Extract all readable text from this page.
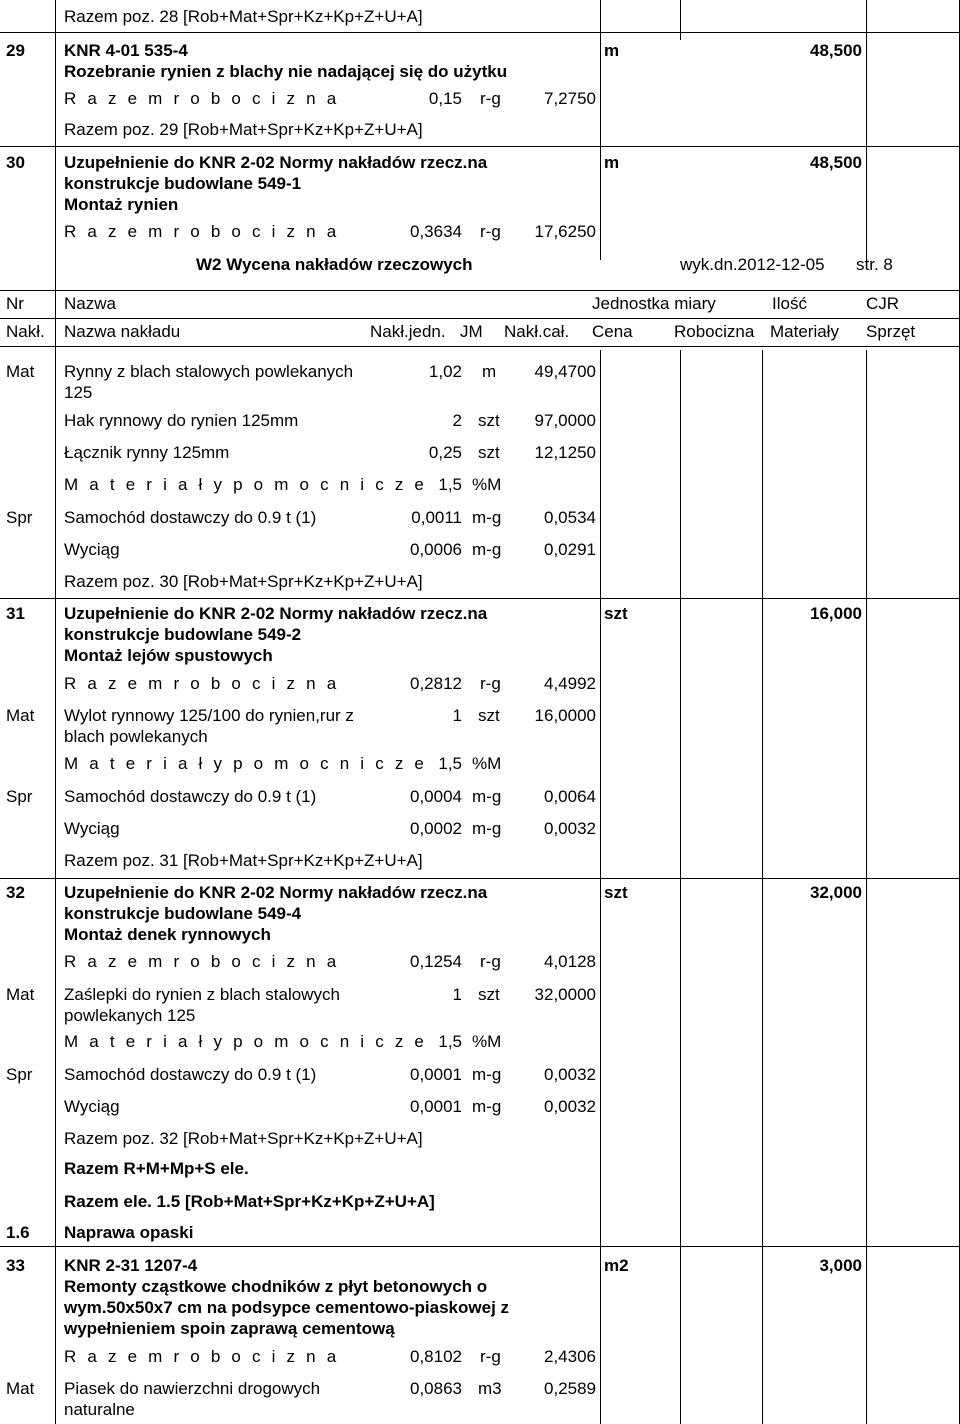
Razem poz. 28 [Rob+Mat+Spr+Kz+Kp+Z+U+A]
29 KNR 4-01 535-4
Rozebranie rynien z blachy nie nadającej się do użytku
m	48,500
R a z e m r o b o c i z n a	0,15 r-g	7,2750
Razem poz. 29 [Rob+Mat+Spr+Kz+Kp+Z+U+A]
30 Uzupełnienie do KNR 2-02 Normy nakładów rzecz.na
konstrukcje budowlane 549-1
Montaż rynien
m	48,500
R a z e m r o b o c i z n a	0,3634 r-g	17,6250
W2 Wycena nakładów rzeczowych	wyk.dn.2012-12-05 str. 8
Nr Nazwa	Jednostka miary	Ilość	CJR
Nakł. Nazwa nakładu	Nakł.jedn. JM Nakł.cał. Cena Robocizna Materiały Sprzęt
Mat Rynny z blach stalowych powlekanych
125
1,02 m	49,4700
Hak rynnowy do rynien 125mm	2 szt	97,0000
Łącznik rynny 125mm	0,25 szt	12,1250
M a t e r i a ł y p o m o c n i c z e 1,5 %M
Spr Samochód dostawczy do 0.9 t (1)	0,0011 m-g	0,0534
Wyciąg	0,0006 m-g	0,0291
Razem poz. 30 [Rob+Mat+Spr+Kz+Kp+Z+U+A]
31 Uzupełnienie do KNR 2-02 Normy nakładów rzecz.na
konstrukcje budowlane 549-2
Montaż lejów spustowych
szt	16,000
R a z e m r o b o c i z n a	0,2812 r-g	4,4992
Mat Wylot rynnowy 125/100 do rynien,rur z
blach powlekanych
1 szt	16,0000
M a t e r i a ł y p o m o c n i c z e 1,5 %M
Spr Samochód dostawczy do 0.9 t (1)	0,0004 m-g	0,0064
Wyciąg	0,0002 m-g	0,0032
Razem poz. 31 [Rob+Mat+Spr+Kz+Kp+Z+U+A]
32 Uzupełnienie do KNR 2-02 Normy nakładów rzecz.na
konstrukcje budowlane 549-4
Montaż denek rynnowych
szt	32,000
R a z e m r o b o c i z n a	0,1254 r-g	4,0128
Mat Zaślepki do rynien z blach stalowych
powlekanych 125
1 szt	32,0000
M a t e r i a ł y p o m o c n i c z e 1,5 %M
Spr Samochód dostawczy do 0.9 t (1)	0,0001 m-g	0,0032
Wyciąg	0,0001 m-g	0,0032
Razem poz. 32 [Rob+Mat+Spr+Kz+Kp+Z+U+A]
Razem R+M+Mp+S ele.
Razem ele. 1.5 [Rob+Mat+Spr+Kz+Kp+Z+U+A]
1.6 Naprawa opaski
33 KNR 2-31 1207-4
Remonty cząstkowe chodników z płyt betonowych o
wym.50x50x7 cm na podsypce cementowo-piaskowej z
wypełnieniem spoin zaprawą cementową
m2	3,000
R a z e m r o b o c i z n a	0,8102 r-g	2,4306
Mat Piasek do nawierzchni drogowych
naturalne
0,0863 m3	0,2589
